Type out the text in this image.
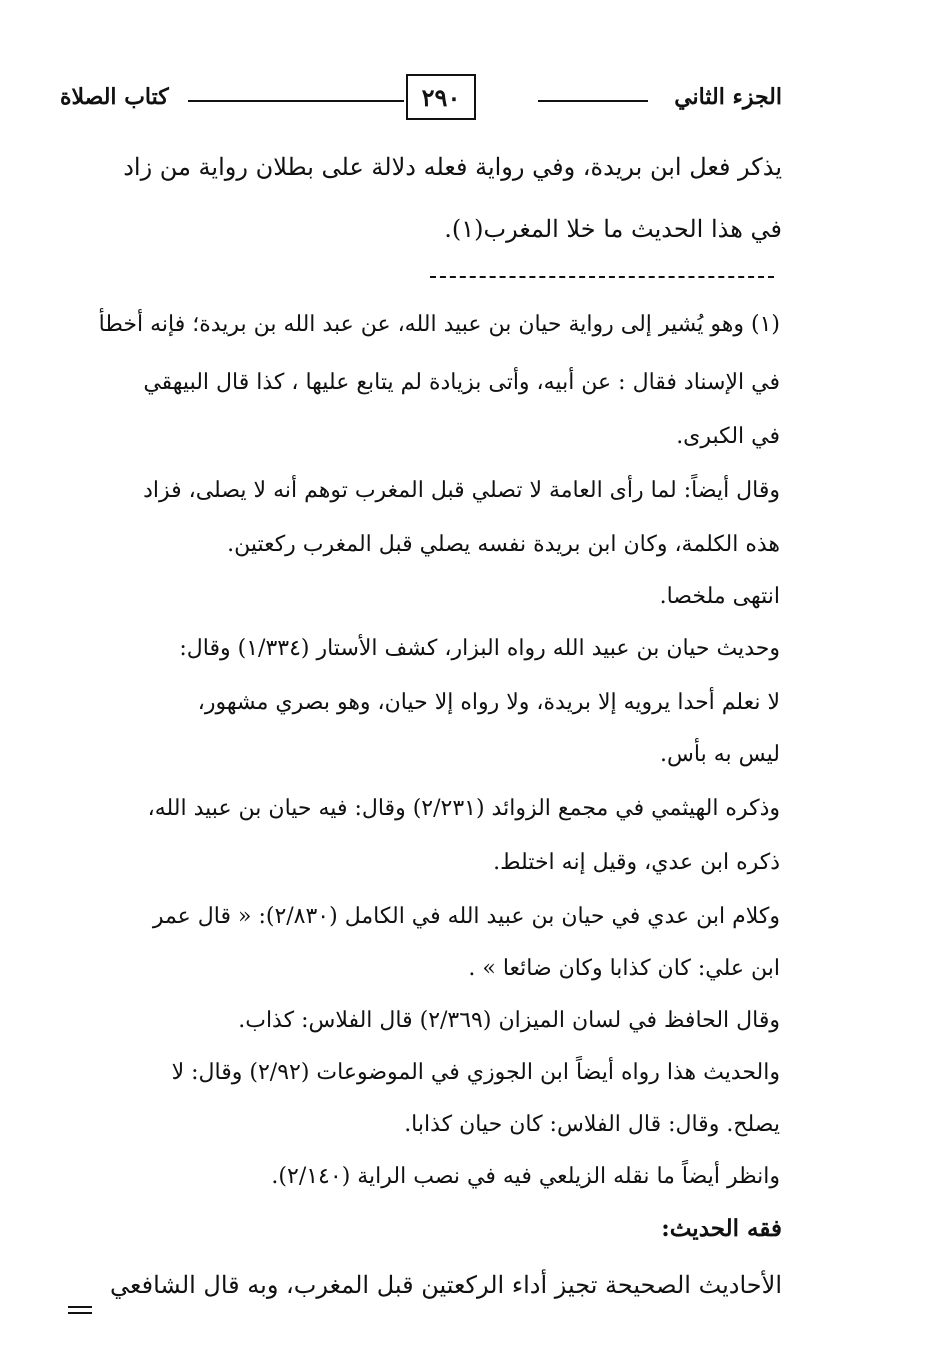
الجزء الثاني
٢٩٠
كتاب الصلاة
يذكر فعل ابن بريدة، وفي رواية فعله دلالة على بطلان رواية من زاد
في هذا الحديث ما خلا المغرب(١).
(١) وهو يُشير إلى رواية حيان بن عبيد الله، عن عبد الله بن بريدة؛ فإنه أخطأ
في الإسناد فقال : عن أبيه، وأتى بزيادة لم يتابع عليها ، كذا قال البيهقي
في الكبرى.
وقال أيضاً: لما رأى العامة لا تصلي قبل المغرب توهم أنه لا يصلى، فزاد
هذه الكلمة، وكان ابن بريدة نفسه يصلي قبل المغرب ركعتين.
انتهى ملخصا.
وحديث حيان بن عبيد الله رواه البزار، كشف الأستار (١/٣٣٤) وقال:
لا نعلم أحدا يرويه إلا بريدة، ولا رواه إلا حيان، وهو بصري مشهور،
ليس به بأس.
وذكره الهيثمي في مجمع الزوائد (٢/٢٣١) وقال: فيه حيان بن عبيد الله،
ذكره ابن عدي، وقيل إنه اختلط.
وكلام ابن عدي في حيان بن عبيد الله في الكامل (٢/٨٣٠): « قال عمر
ابن علي: كان كذابا وكان ضائعا » .
وقال الحافظ في لسان الميزان (٢/٣٦٩) قال الفلاس: كذاب.
والحديث هذا رواه أيضاً ابن الجوزي في الموضوعات (٢/٩٢) وقال: لا
يصلح. وقال: قال الفلاس: كان حيان كذابا.
وانظر أيضاً ما نقله الزيلعي فيه في نصب الراية (٢/١٤٠).
فقه الحديث:
الأحاديث الصحيحة تجيز أداء الركعتين قبل المغرب، وبه قال الشافعي
